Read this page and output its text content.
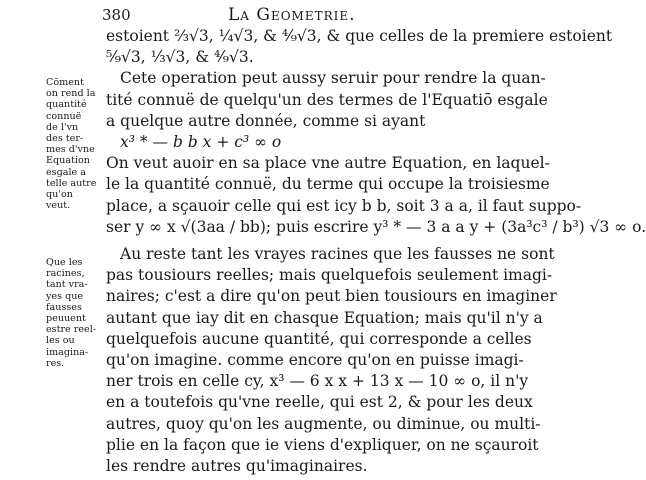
380	La Geometrie.
Cōment
on rend la
quantité
connuë
de l'vn
des ter-
mes d'vne
Equation
esgale a
telle autre
qu'on
veut.
Que les
racines,
tant vra-
yes que
fausses
peuuent
estre reel-
les ou
imagina-
res.
estoient ⅔√3, ¼√3, & ⁴⁄₉√3, & que celles de la premiere estoient
⁵⁄₉√3, ⅓√3, & ⁴⁄₉√3.
Cete operation peut aussy seruir pour rendre la quan-
tité connuë de quelqu'un des termes de l'Equatiō esgale
a quelque autre donnée, comme si ayant
x³ * — b b x + c³ ∞ o
On veut auoir en sa place vne autre Equation, en laquel-
le la quantité connuë, du terme qui occupe la troisiesme
place, a sçauoir celle qui est icy b b, soit 3 a a, il faut suppo-
ser y ∞ x √(3aa / bb); puis escrire y³ * — 3 a a y + (3a³c³ / b³) √3 ∞ o.
Au reste tant les vrayes racines que les fausses ne sont
pas tousiours reelles; mais quelquefois seulement imagi-
naires; c'est a dire qu'on peut bien tousiours en imaginer
autant que iay dit en chasque Equation; mais qu'il n'y a
quelquefois aucune quantité, qui corresponde a celles
qu'on imagine. comme encore qu'on en puisse imagi-
ner trois en celle cy, x³ — 6 x x + 13 x — 10 ∞ o, il n'y
en a toutefois qu'vne reelle, qui est 2, & pour les deux
autres, quoy qu'on les augmente, ou diminue, ou multi-
plie en la façon que ie viens d'expliquer, on ne sçauroit
les rendre autres qu'imaginaires.
